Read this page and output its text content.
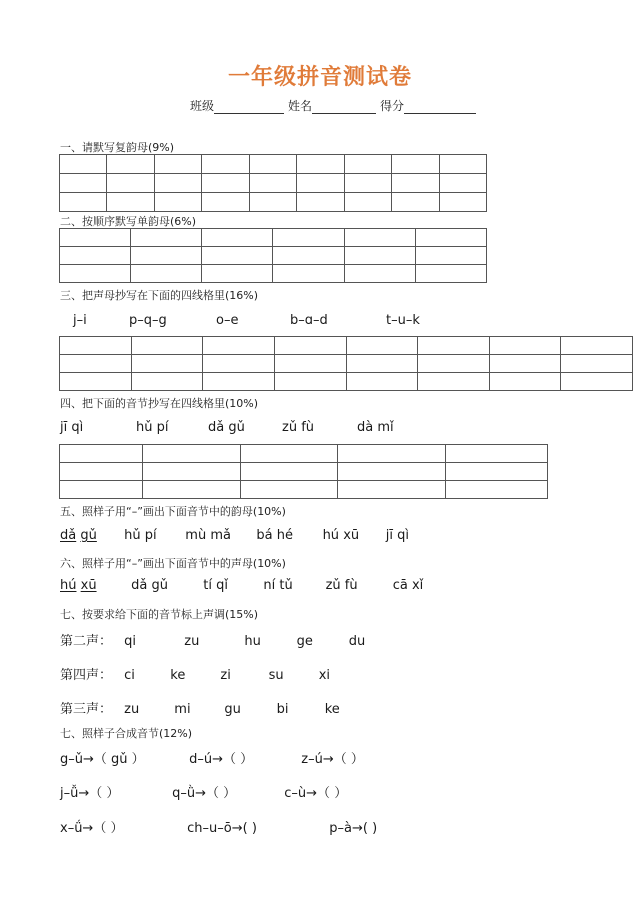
一年级拼音测试卷
班级	姓名	得分
一、请默写复韵母(9%)

二、按顺序默写单韵母(6%)

三、把声母抄写在下面的四线格里(16%)
j–i	p–q–g	o–e	b–ɑ–d	t–u–k

四、把下面的音节抄写在四线格里(10%)
jī qì	hǔ pí	dǎ gǔ	zǔ fù	dà mǐ

五、照样子用“–”画出下面音节中的韵母(10%)
dǎ gǔ hǔ pí mù mǎ bá hé hú xū jī qì
六、照样子用“–”画出下面音节中的声母(10%)
hú xū	dǎ gǔ	tí qǐ	ní tǔ	zǔ fù	cā xǐ
七、按要求给下面的音节标上声调(15%)
第二声： qi	zu	hu	ge	du
第四声： ci	ke	zi	su	xi
第三声： zu	mi	gu	bi	ke
七、照样子合成音节(12%)
g–ǔ→（ gǔ ）	d–ú→（ ）	z–ú→（ ）
j–ǚ→（ ）	q–ǜ→（ ）	c–ù→（ ）
x–ǘ→（ ）	ch–u–ō→( )	p–à→( )
